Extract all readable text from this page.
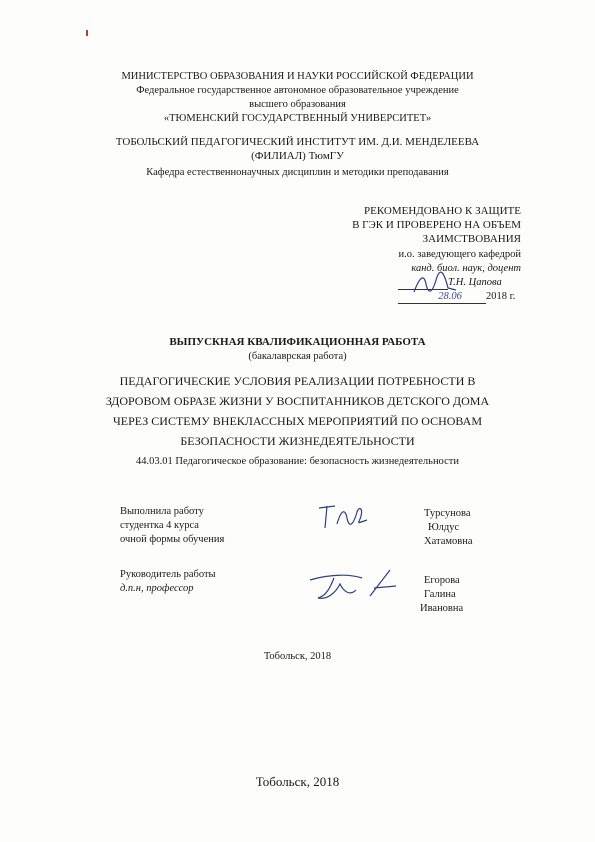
МИНИСТЕРСТВО ОБРАЗОВАНИЯ И НАУКИ РОССИЙСКОЙ ФЕДЕРАЦИИ
Федеральное государственное автономное образовательное учреждение
высшего образования
«ТЮМЕНСКИЙ ГОСУДАРСТВЕННЫЙ УНИВЕРСИТЕТ»
ТОБОЛЬСКИЙ ПЕДАГОГИЧЕСКИЙ ИНСТИТУТ ИМ. Д.И. МЕНДЕЛЕЕВА
(ФИЛИАЛ) ТюмГУ
Кафедра естественнонаучных дисциплин и методики преподавания
РЕКОМЕНДОВАНО К ЗАЩИТЕ
В ГЭК И ПРОВЕРЕНО НА ОБЪЕМ
ЗАИМСТВОВАНИЯ
и.о. заведующего кафедрой
канд. биол. наук, доцент
Т.Н. Цапова
28.06 2018 г.
ВЫПУСКНАЯ КВАЛИФИКАЦИОННАЯ РАБОТА
(бакалаврская работа)
ПЕДАГОГИЧЕСКИЕ УСЛОВИЯ РЕАЛИЗАЦИИ ПОТРЕБНОСТИ В
ЗДОРОВОМ ОБРАЗЕ ЖИЗНИ У ВОСПИТАННИКОВ ДЕТСКОГО ДОМА
ЧЕРЕЗ СИСТЕМУ ВНЕКЛАССНЫХ МЕРОПРИЯТИЙ ПО ОСНОВАМ
БЕЗОПАСНОСТИ ЖИЗНЕДЕЯТЕЛЬНОСТИ
44.03.01 Педагогическое образование: безопасность жизнедеятельности
Выполнила работу
студентка 4 курса
очной формы обучения
Турсунова
Юлдус
Хатамовна
Руководитель работы
д.п.н, профессор
Егорова
Галина
Ивановна
Тобольск, 2018
Тобольск, 2018
